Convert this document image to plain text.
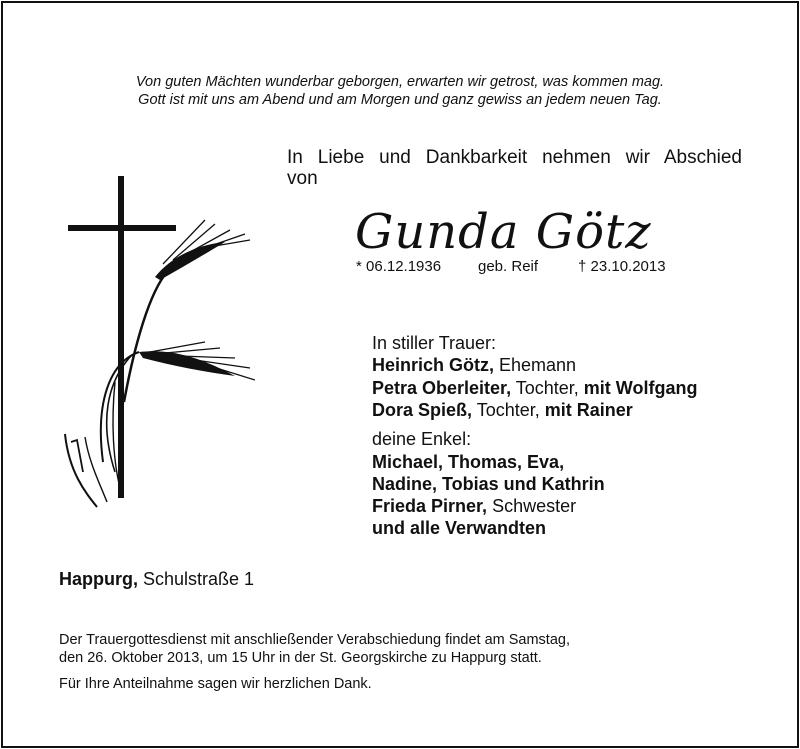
Von guten Mächten wunderbar geborgen, erwarten wir getrost, was kommen mag.
Gott ist mit uns am Abend und am Morgen und ganz gewiss an jedem neuen Tag.
In Liebe und Dankbarkeit nehmen wir Abschied
von
Gunda Götz
* 06.12.1936 geb. Reif	† 23.10.2013
In stiller Trauer:
Heinrich Götz, Ehemann
Petra Oberleiter, Tochter, mit Wolfgang
Dora Spieß, Tochter, mit Rainer
deine Enkel:
Michael, Thomas, Eva,
Nadine, Tobias und Kathrin
Frieda Pirner, Schwester
und alle Verwandten
Happurg, Schulstraße 1
Der Trauergottesdienst mit anschließender Verabschiedung findet am Samstag,
den 26. Oktober 2013, um 15 Uhr in der St. Georgskirche zu Happurg statt.
Für Ihre Anteilnahme sagen wir herzlichen Dank.
